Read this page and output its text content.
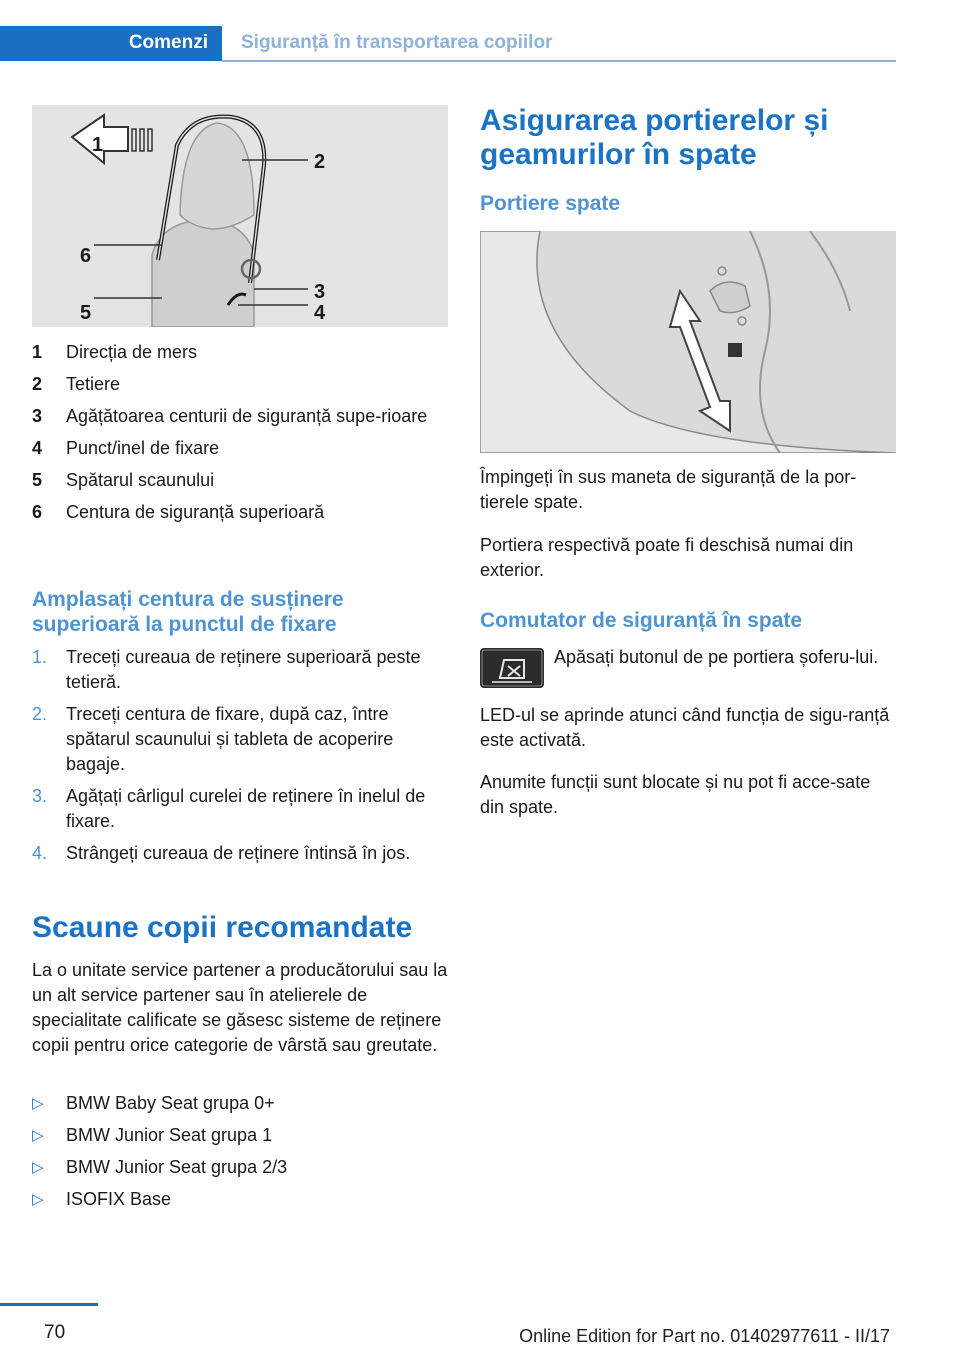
Comenzi Siguranță în transportarea copiilor
1
2
6
3
4
5
1 Direcția de mers
2 Tetiere
3 Agățătoarea centurii de siguranță supe-rioare
4 Punct/inel de fixare
5 Spătarul scaunului
6 Centura de siguranță superioară
Amplasați centura de susținere superioară la punctul de fixare
1. Treceți cureaua de reținere superioară peste tetieră.
2. Treceți centura de fixare, după caz, între spătarul scaunului și tableta de acoperire bagaje.
3. Agățați cârligul curelei de reținere în inelul de fixare.
4. Strângeți cureaua de reținere întinsă în jos.
Scaune copii recomandate

La o unitate service partener a producătorului sau la un alt service partener sau în atelierele de specialitate calificate se găsesc sisteme de reținere copii pentru orice categorie de vârstă sau greutate.

▷ BMW Baby Seat grupa 0+
▷ BMW Junior Seat grupa 1
▷ BMW Junior Seat grupa 2/3
▷ ISOFIX Base
Asigurarea portierelor și geamurilor în spate
Portiere spate

Împingeți în sus maneta de siguranță de la por-tierele spate.

Portiera respectivă poate fi deschisă numai din exterior.

Comutator de siguranță în spate

Apăsați butonul de pe portiera șoferu-lui.

LED-ul se aprinde atunci când funcția de sigu-ranță este activată.

Anumite funcții sunt blocate și nu pot fi acce-sate din spate.

70	Online Edition for Part no. 01402977611 - II/17
